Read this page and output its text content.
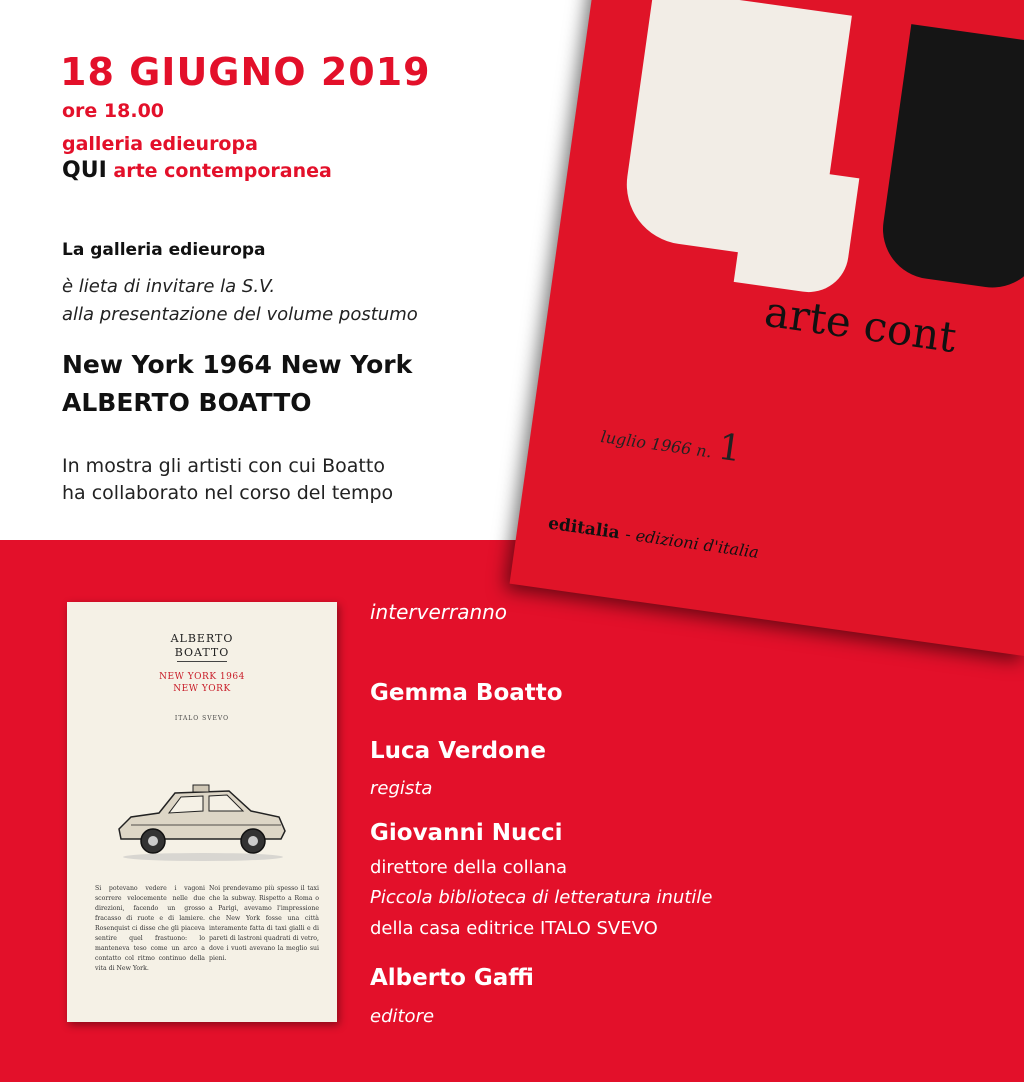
arte cont
luglio 1966 n.1
editalia - edizioni d'italia
18 GIUGNO 2019
ore 18.00
galleria edieuropa
QUI arte contemporanea
La galleria edieuropa
è lieta di invitare la S.V.
alla presentazione del volume postumo
New York 1964 New York
ALBERTO BOATTO
In mostra gli artisti con cui Boatto
ha collaborato nel corso del tempo
ALBERTO
BOATTO
NEW YORK 1964
NEW YORK
ITALO SVEVO
Si potevano vedere i vagoni scorrere velocemente nelle due direzioni, facendo un grosso fracasso di ruote e di lamiere. Rosenquist ci disse che gli piaceva sentire quel frastuono: lo manteneva teso come un arco a contatto col ritmo continuo della vita di New York.
Noi prendevamo più spesso il taxi che la subway. Rispetto a Roma o a Parigi, avevamo l'impressione che New York fosse una città interamente fatta di taxi gialli e di pareti di lastroni quadrati di vetro, dove i vuoti avevano la meglio sui pieni.
interverranno
Gemma Boatto
Luca Verdone
regista
Giovanni Nucci
direttore della collana
Piccola biblioteca di letteratura inutile
della casa editrice ITALO SVEVO
Alberto Gaffi
editore
